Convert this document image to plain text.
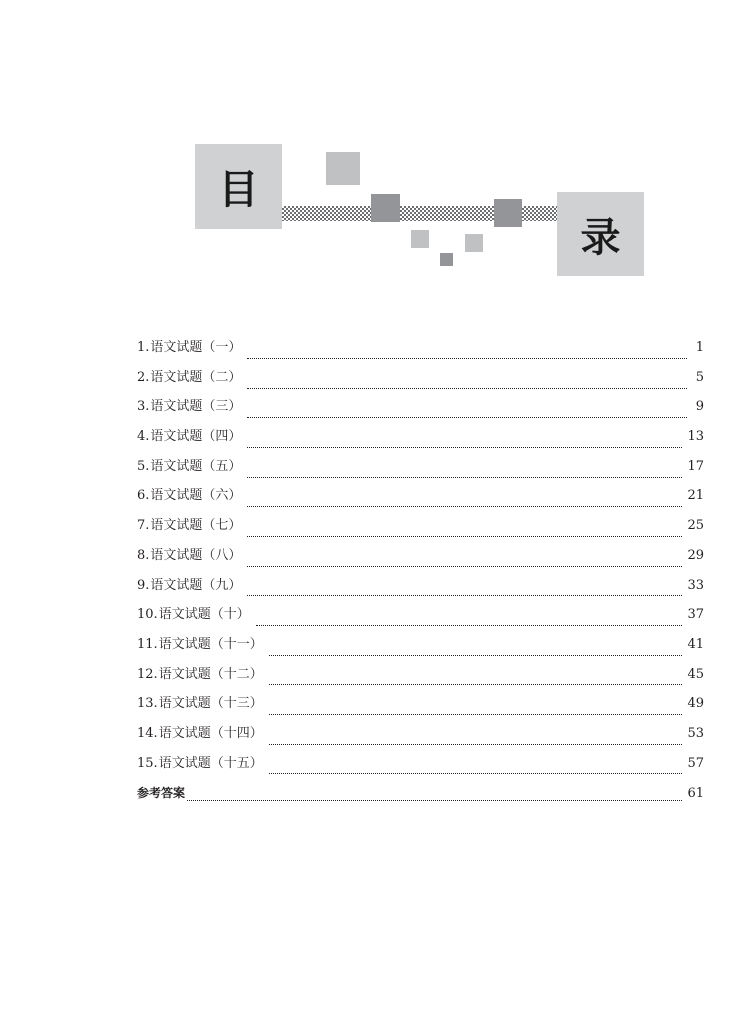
目
录
1. 语文试题（一）	1
2. 语文试题（二）	5
3. 语文试题（三）	9
4. 语文试题（四）	13
5. 语文试题（五）	17
6. 语文试题（六）	21
7. 语文试题（七）	25
8. 语文试题（八）	29
9. 语文试题（九）	33
10. 语文试题（十）	37
11. 语文试题（十一）	41
12. 语文试题（十二）	45
13. 语文试题（十三）	49
14. 语文试题（十四）	53
15. 语文试题（十五）	57
参考答案	61
